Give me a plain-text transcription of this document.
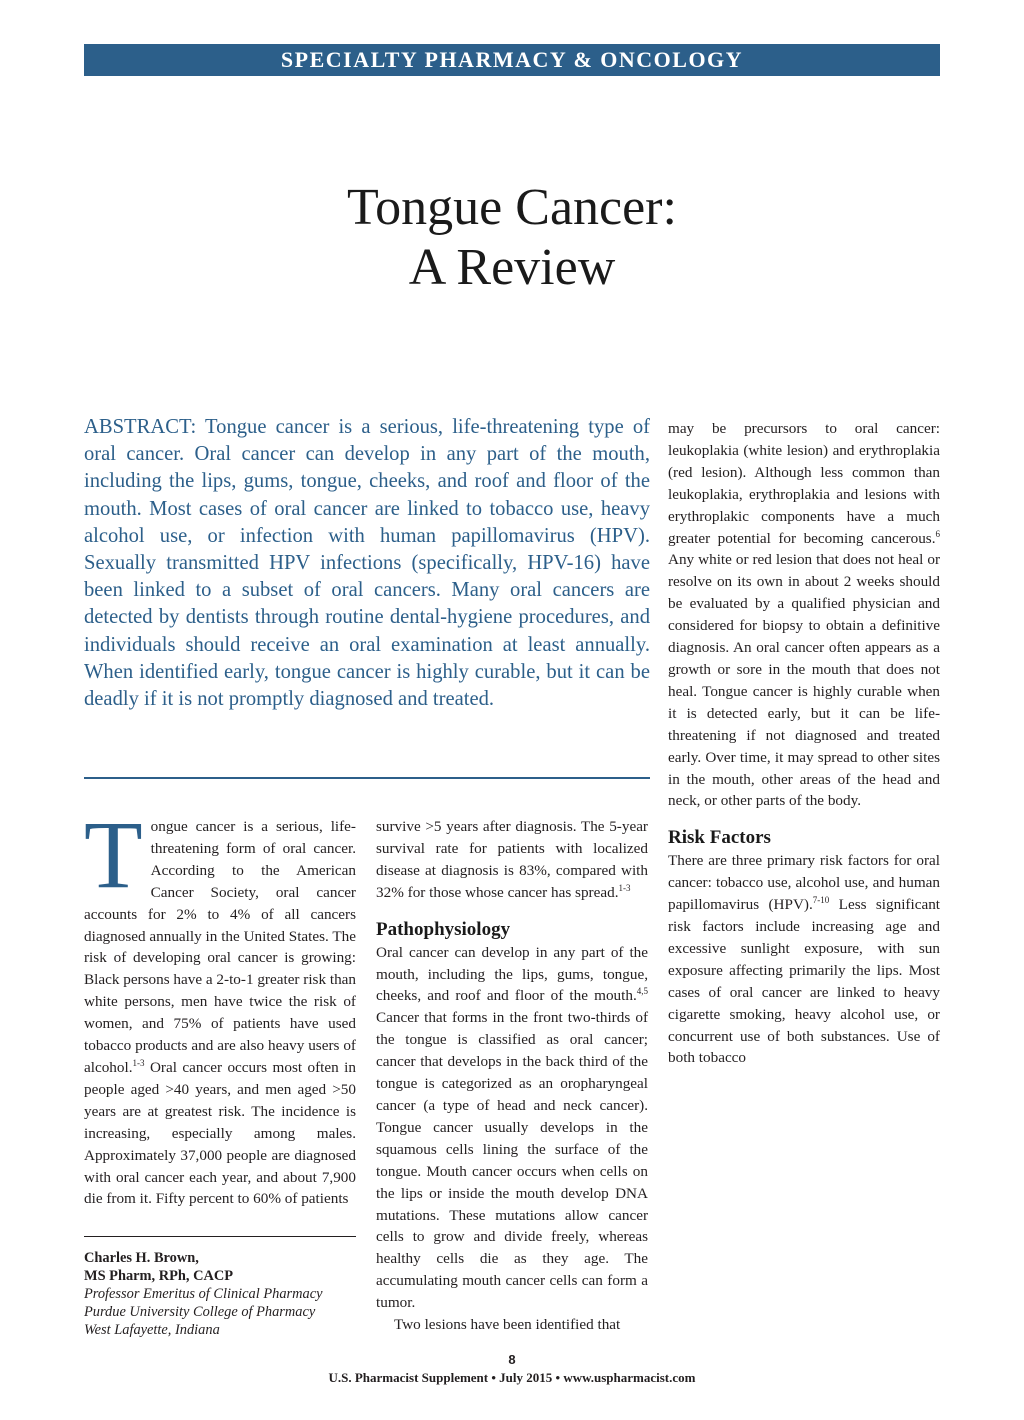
SPECIALTY PHARMACY & ONCOLOGY
Tongue Cancer:
A Review

ABSTRACT: Tongue cancer is a serious, life-threatening type of oral cancer. Oral cancer can develop in any part of the mouth, including the lips, gums, tongue, cheeks, and roof and floor of the mouth. Most cases of oral cancer are linked to tobacco use, heavy alcohol use, or infection with human papillomavirus (HPV). Sexually transmitted HPV infections (specifically, HPV-16) have been linked to a subset of oral cancers. Many oral cancers are detected by dentists through routine dental-hygiene procedures, and individuals should receive an oral examination at least annually. When identified early, tongue cancer is highly curable, but it can be deadly if it is not promptly diagnosed and treated.

Tongue cancer is a serious, life-threatening form of oral cancer. According to the American Cancer Society, oral cancer accounts for 2% to 4% of all cancers diagnosed annually in the United States. The risk of developing oral cancer is growing: Black persons have a 2-to-1 greater risk than white persons, men have twice the risk of women, and 75% of patients have used tobacco products and are also heavy users of alcohol.$^{1-3}$ Oral cancer occurs most often in people aged >40 years, and men aged >50 years are at greatest risk. The incidence is increasing, especially among males. Approximately 37,000 people are diagnosed with oral cancer each year, and about 7,900 die from it. Fifty percent to 60% of patients

survive >5 years after diagnosis. The 5-year survival rate for patients with localized disease at diagnosis is 83%, compared with 32% for those whose cancer has spread.$^{1-3}$

Pathophysiology

Oral cancer can develop in any part of the mouth, including the lips, gums, tongue, cheeks, and roof and floor of the mouth.$^{4,5}$ Cancer that forms in the front two-thirds of the tongue is classified as oral cancer; cancer that develops in the back third of the tongue is categorized as an oropharyngeal cancer (a type of head and neck cancer). Tongue cancer usually develops in the squamous cells lining the surface of the tongue. Mouth cancer occurs when cells on the lips or inside the mouth develop DNA mutations. These mutations allow cancer cells to grow and divide freely, whereas healthy cells die as they age. The accumulating mouth cancer cells can form a tumor.

Two lesions have been identified that

may be precursors to oral cancer: leukoplakia (white lesion) and erythroplakia (red lesion). Although less common than leukoplakia, erythroplakia and lesions with erythroplakic components have a much greater potential for becoming cancerous.$^6$ Any white or red lesion that does not heal or resolve on its own in about 2 weeks should be evaluated by a qualified physician and considered for biopsy to obtain a definitive diagnosis. An oral cancer often appears as a growth or sore in the mouth that does not heal. Tongue cancer is highly curable when it is detected early, but it can be life-threatening if not diagnosed and treated early. Over time, it may spread to other sites in the mouth, other areas of the head and neck, or other parts of the body.

Risk Factors

There are three primary risk factors for oral cancer: tobacco use, alcohol use, and human papillomavirus (HPV).$^{7-10}$ Less significant risk factors include increasing age and excessive sunlight exposure, with sun exposure affecting primarily the lips. Most cases of oral cancer are linked to heavy cigarette smoking, heavy alcohol use, or concurrent use of both substances. Use of both tobacco

Charles H. Brown,
MS Pharm, RPh, CACP
Professor Emeritus of Clinical Pharmacy
Purdue University College of Pharmacy
West Lafayette, Indiana
8
U.S. Pharmacist Supplement • July 2015 • www.uspharmacist.com
